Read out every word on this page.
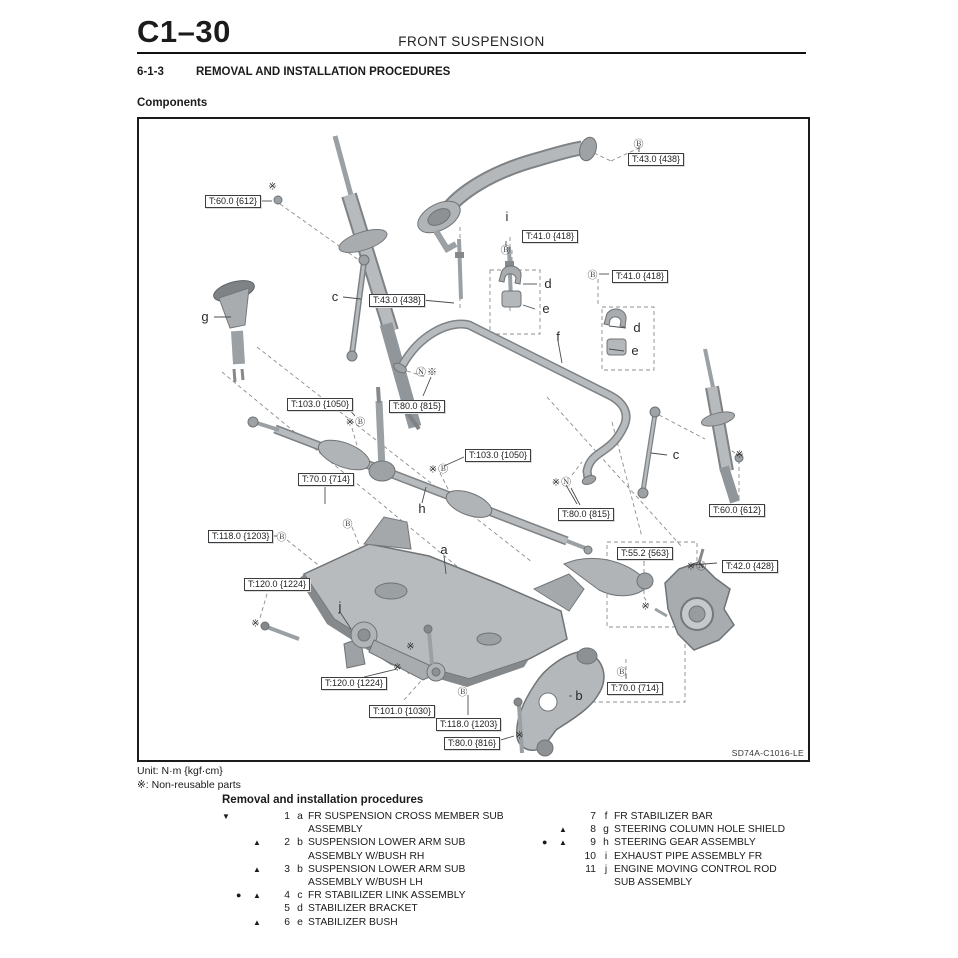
C1–30	FRONT SUSPENSION
6-1-3	REMOVAL AND INSTALLATION PROCEDURES
Components
T:60.0 {612}
T:43.0 {438}
T:41.0 {418}
T:41.0 {418}
T:43.0 {438}
T:103.0 {1050}	T:80.0 {815}
T:103.0 {1050}
T:70.0 {714}
T:118.0 {1203}
T:80.0 {815}	T:60.0 {612}
T:55.2 {563}
T:42.0 {428}
T:120.0 {1224}
T:120.0 {1224}
T:101.0 {1030}
T:118.0 {1203}
T:80.0 {816}
T:70.0 {714}
g
c
d
e
f
d
e
i
c
h
a
j
b
※
Ⓑ
Ⓑ
Ⓑ
Ⓝ※
※Ⓑ
※Ⓑ
Ⓑ
Ⓑ
※Ⓝ
※
※Ⓝ
※
※
※
※
Ⓑ
※
Ⓑ
SD74A-C1016-LE
Unit: N·m {kgf·cm}
※: Non-reusable parts
Removal and installation procedures
▼	1 a FR SUSPENSION CROSS MEMBER SUB
ASSEMBLY
▲	2 b SUSPENSION LOWER ARM SUB
ASSEMBLY W/BUSH RH
▲	3 b SUSPENSION LOWER ARM SUB
ASSEMBLY W/BUSH LH
●	▲	4 c FR STABILIZER LINK ASSEMBLY
5 d STABILIZER BRACKET
▲	6 e STABILIZER BUSH
7 f FR STABILIZER BAR
▲	8 g STEERING COLUMN HOLE SHIELD
●	▲	9 h STEERING GEAR ASSEMBLY
10 i EXHAUST PIPE ASSEMBLY FR
11 j ENGINE MOVING CONTROL ROD
SUB ASSEMBLY
